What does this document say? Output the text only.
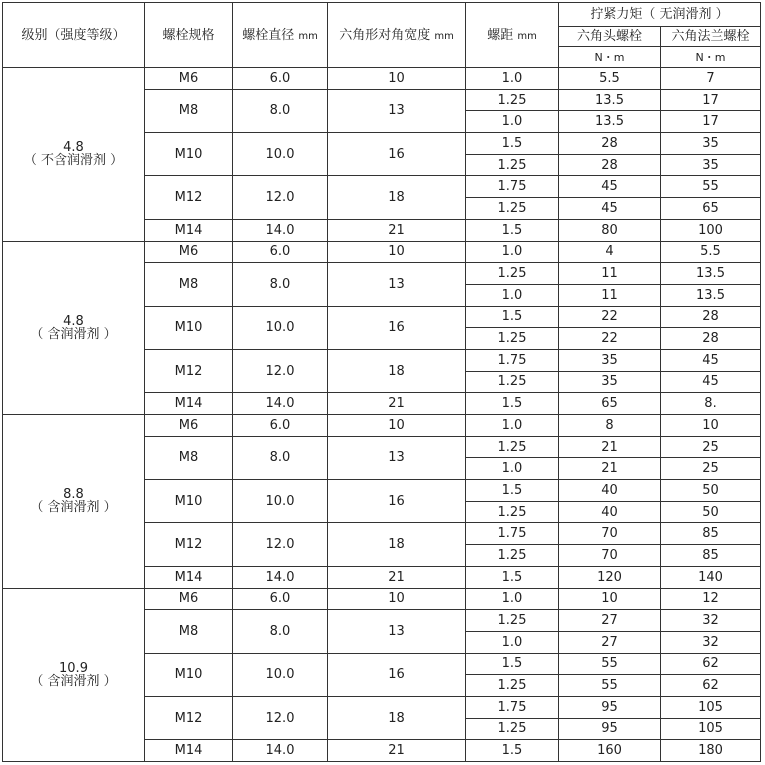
级别（强度等级）	螺栓规格	螺栓直径 mm	六角形对角宽度 mm	螺距 mm	拧紧力矩（ 无润滑剂 ）	
					六角头螺栓	六角法兰螺栓
					N・m	N・m
4.8
（ 不含润滑剂 ）	M6	6.0	10	1.0	5.5	7
	M8	8.0	13	1.25	13.5	17
				1.0	13.5	17
	M10	10.0	16	1.5	28	35
				1.25	28	35
	M12	12.0	18	1.75	45	55
				1.25	45	65
	M14	14.0	21	1.5	80	100
4.8
（ 含润滑剂 ）	M6	6.0	10	1.0	4	5.5
	M8	8.0	13	1.25	11	13.5
				1.0	11	13.5
	M10	10.0	16	1.5	22	28
				1.25	22	28
	M12	12.0	18	1.75	35	45
				1.25	35	45
	M14	14.0	21	1.5	65	8.
8.8
（ 含润滑剂 ）	M6	6.0	10	1.0	8	10
	M8	8.0	13	1.25	21	25
				1.0	21	25
	M10	10.0	16	1.5	40	50
				1.25	40	50
	M12	12.0	18	1.75	70	85
				1.25	70	85
	M14	14.0	21	1.5	120	140
10.9
（ 含润滑剂 ）	M6	6.0	10	1.0	10	12
	M8	8.0	13	1.25	27	32
				1.0	27	32
	M10	10.0	16	1.5	55	62
				1.25	55	62
	M12	12.0	18	1.75	95	105
				1.25	95	105
	M14	14.0	21	1.5	160	180
